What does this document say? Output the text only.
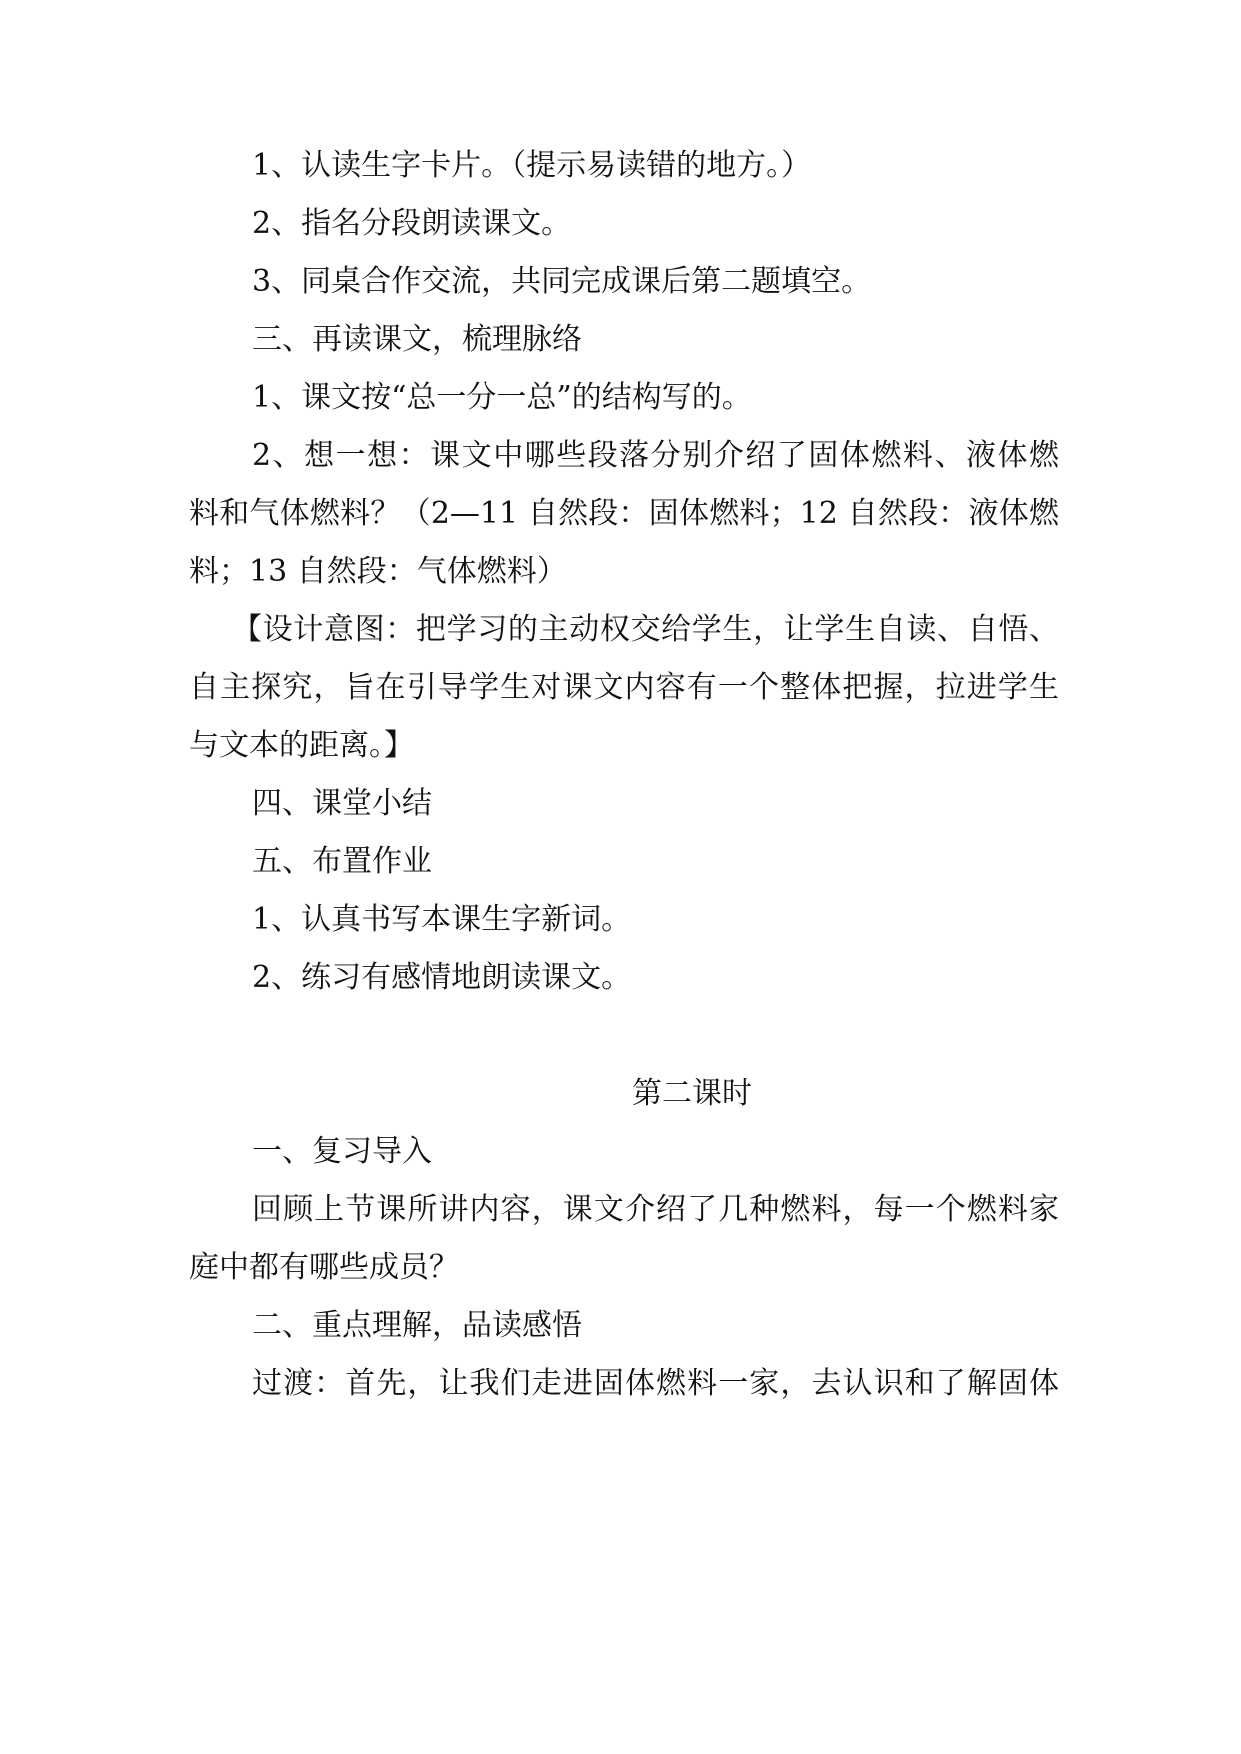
1、认读生字卡片。（提示易读错的地方。）
2、指名分段朗读课文。
3、同桌合作交流，共同完成课后第二题填空。
三、再读课文，梳理脉络
1、课文按“总一分一总”的结构写的。
2、想一想：课文中哪些段落分别介绍了固体燃料、液体燃
料和气体燃料？（2—11 自然段：固体燃料；12 自然段：液体燃
料；13 自然段：气体燃料）
【设计意图：把学习的主动权交给学生，让学生自读、自悟、
自主探究，旨在引导学生对课文内容有一个整体把握，拉进学生
与文本的距离。】
四、课堂小结
五、布置作业
1、认真书写本课生字新词。
2、练习有感情地朗读课文。
第二课时
一、复习导入
回顾上节课所讲内容，课文介绍了几种燃料，每一个燃料家
庭中都有哪些成员？
二、重点理解，品读感悟
过渡：首先，让我们走进固体燃料一家，去认识和了解固体
